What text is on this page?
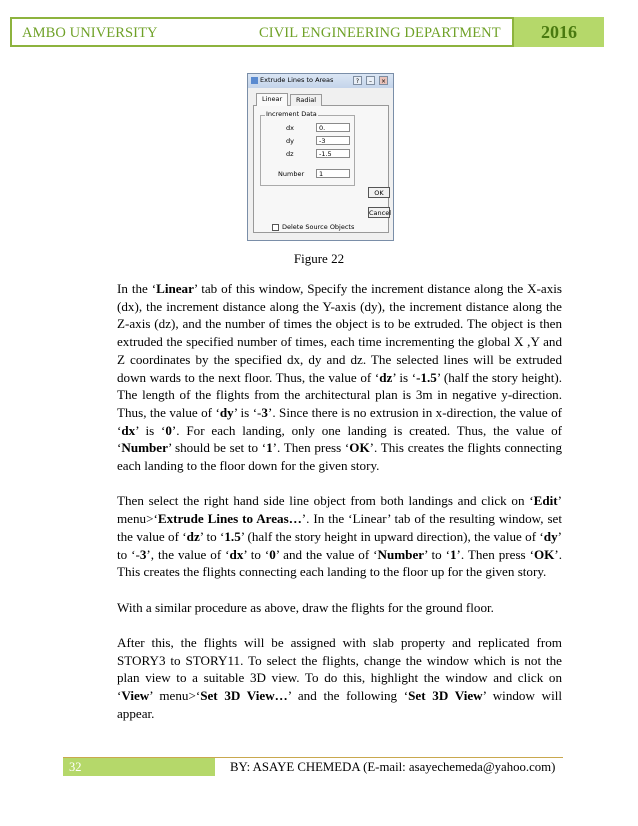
AMBO UNIVERSITY	CIVIL ENGINEERING DEPARTMENT	2016
Extrude Lines to Areas	?	–	×
Linear	Radial
Increment Data
dx	0.
dy	-3
dz	-1.5
Number	1
OK
Cancel
Delete Source Objects
Figure 22

In the ‘Linear’ tab of this window, Specify the increment distance along the X-axis (dx), the increment distance along the Y-axis (dy), the increment distance along the Z-axis (dz), and the number of times the object is to be extruded. The object is then extruded the specified number of times, each time incrementing the global X ,Y and Z coordinates by the specified dx, dy and dz. The selected lines will be extruded down wards to the next floor. Thus, the value of ‘dz’ is ‘-1.5’ (half the story height). The length of the flights from the architectural plan is 3m in negative y-direction. Thus, the value of ‘dy’ is ‘-3’. Since there is no extrusion in x-direction, the value of ‘dx’ is ‘0’. For each landing, only one landing is created. Thus, the value of ‘Number’ should be set to ‘1’. Then press ‘OK’. This creates the flights connecting each landing to the floor down for the given story.

Then select the right hand side line object from both landings and click on ‘Edit’ menu>‘Extrude Lines to Areas…’. In the ‘Linear’ tab of the resulting window, set the value of ‘dz’ to ‘1.5’ (half the story height in upward direction), the value of ‘dy’ to ‘-3’, the value of ‘dx’ to ‘0’ and the value of ‘Number’ to ‘1’. Then press ‘OK’. This creates the flights connecting each landing to the floor up for the given story.

With a similar procedure as above, draw the flights for the ground floor.

After this, the flights will be assigned with slab property and replicated from STORY3 to STORY11. To select the flights, change the window which is not the plan view to a suitable 3D view. To do this, highlight the window and click on ‘View’ menu>‘Set 3D View…’ and the following ‘Set 3D View’ window will appear.

32	BY: ASAYE CHEMEDA (E-mail: asayechemeda@yahoo.com)
